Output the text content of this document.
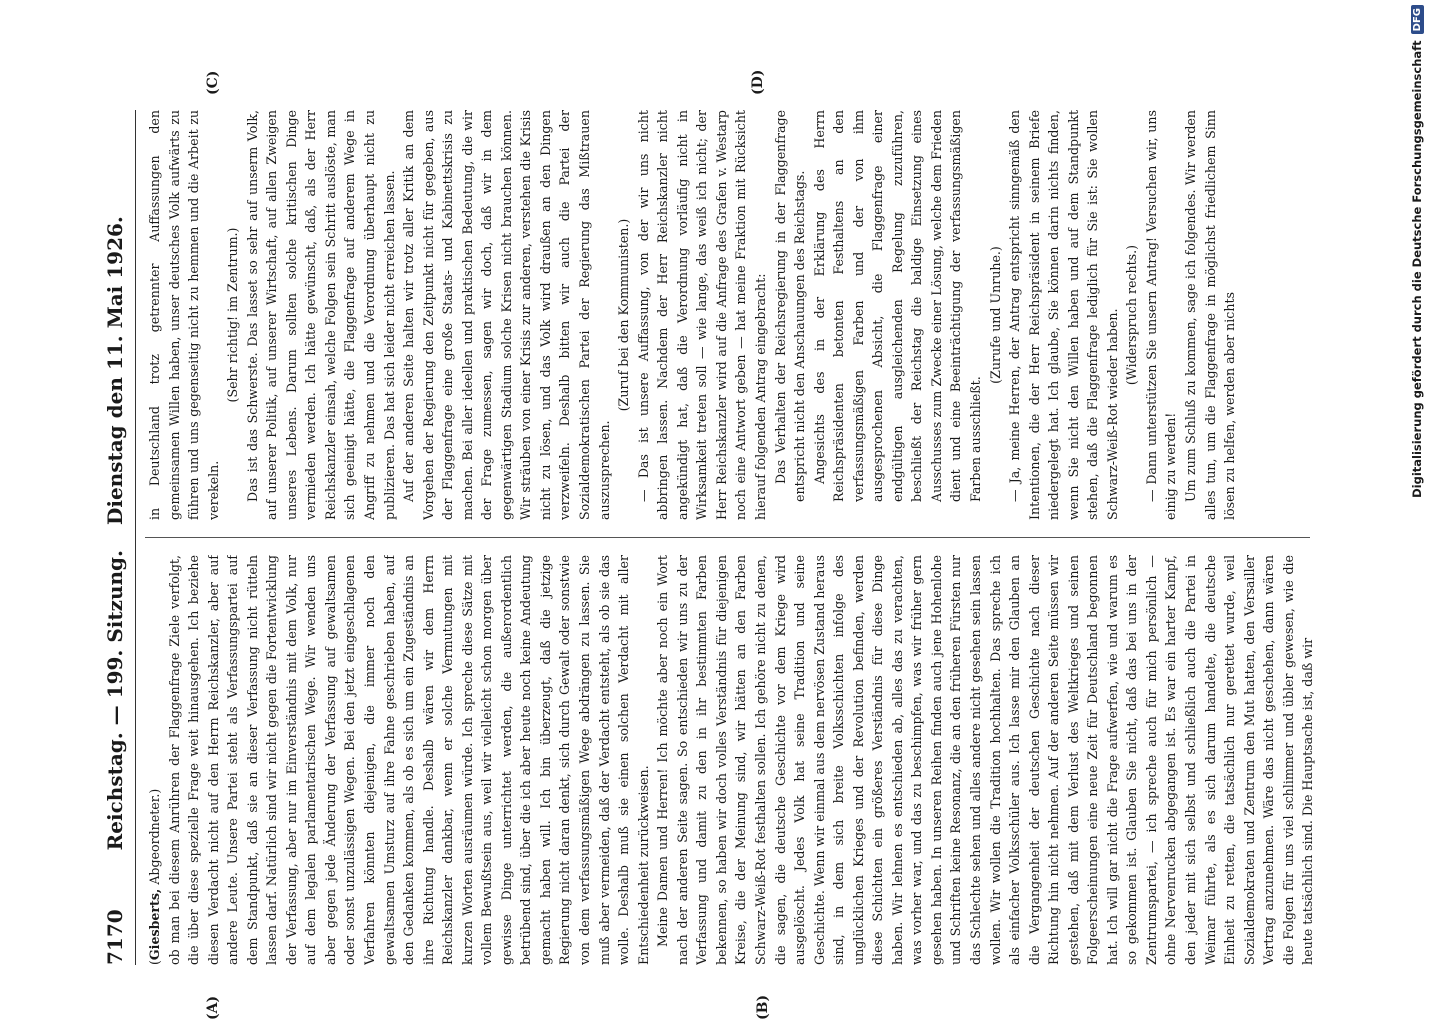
7170
Reichstag. — 199. Sitzung.
Dienstag den 11. Mai 1926.
(A)	(B)
(C)	(D)

(Giesberts, Abgeordneter.) ob man bei diesem Anrühren der Flaggenfrage Ziele verfolgt, die über diese spezielle Frage weit hinausgehen. Ich beziehe diesen Verdacht nicht auf den Herrn Reichskanzler, aber auf andere Leute. Unsere Partei steht als Verfassungspartei auf dem Standpunkt, daß sie an dieser Verfassung nicht rütteln lassen darf. Natürlich sind wir nicht gegen die Fortentwicklung der Verfassung, aber nur im Einverständnis mit dem Volk, nur auf dem legalen parlamentarischen Wege. Wir wenden uns aber gegen jede Änderung der Verfassung auf gewaltsamen oder sonst unzulässigen Wegen. Bei den jetzt eingeschlagenen Verfahren könnten diejenigen, die immer noch den gewaltsamen Umsturz auf ihre Fahne geschrieben haben, auf den Gedanken kommen, als ob es sich um ein Zugeständnis an ihre Richtung handle. Deshalb wären wir dem Herrn Reichskanzler dankbar, wenn er solche Vermutungen mit kurzen Worten ausräumen würde. Ich spreche diese Sätze mit vollem Bewußtsein aus, weil wir vielleicht schon morgen über gewisse Dinge unterrichtet werden, die außerordentlich betrübend sind, über die ich aber heute noch keine Andeutung gemacht haben will. Ich bin überzeugt, daß die jetzige Regierung nicht daran denkt, sich durch Gewalt oder sonstwie von dem verfassungsmäßigen Wege abdrängen zu lassen. Sie muß aber vermeiden, daß der Verdacht entsteht, als ob sie das wolle. Deshalb muß sie einen solchen Verdacht mit aller Entschiedenheit zurückweisen. Meine Damen und Herren! Ich möchte aber noch ein Wort nach der anderen Seite sagen. So entschieden wir uns zu der Verfassung und damit zu den in ihr bestimmten Farben bekennen, so haben wir doch volles Verständnis für diejenigen Kreise, die der Meinung sind, wir hätten an den Farben Schwarz-Weiß-Rot festhalten sollen. Ich gehöre nicht zu denen, die sagen, die deutsche Geschichte vor dem Kriege wird ausgelöscht. Jedes Volk hat seine Tradition und seine Geschichte. Wenn wir einmal aus dem nervösen Zustand heraus sind, in dem sich breite Volksschichten infolge des unglücklichen Krieges und der Revolution befinden, werden diese Schichten ein größeres Verständnis für diese Dinge haben. Wir lehnen es entschieden ab, alles das zu verachten, was vorher war, und das zu beschimpfen, was wir früher gern gesehen haben. In unseren Reihen finden auch jene Hohenlohe und Schriften keine Resonanz, die an den früheren Fürsten nur das Schlechte sehen und alles andere nicht gesehen sein lassen wollen. Wir wollen die Tradition hochhalten. Das spreche ich als einfacher Volksschüler aus. Ich lasse mir den Glauben an die Vergangenheit der deutschen Geschichte nach dieser Richtung hin nicht nehmen. Auf der anderen Seite müssen wir gestehen, daß mit dem Verlust des Weltkrieges und seinen Folgeerscheinungen eine neue Zeit für Deutschland begonnen hat. Ich will gar nicht die Frage aufwerfen, wie und warum es so gekommen ist. Glauben Sie nicht, daß das bei uns in der Zentrumspartei, — ich spreche auch für mich persönlich — ohne Nervenrucken abgegangen ist. Es war ein harter Kampf, den jeder mit sich selbst und schließlich auch die Partei in Weimar führte, als es sich darum handelte, die deutsche Einheit zu retten, die tatsächlich nur gerettet wurde, weil Sozialdemokraten und Zentrum den Mut hatten, den Versailler Vertrag anzunehmen. Wäre das nicht geschehen, dann wären die Folgen für uns viel schlimmer und übler gewesen, wie die heute tatsächlich sind. Die Hauptsache ist, daß wir

in Deutschland trotz getrennter Auffassungen den gemeinsamen Willen haben, unser deutsches Volk aufwärts zu führen und uns gegenseitig nicht zu hemmen und die Arbeit zu verekeln.

(Sehr richtig! im Zentrum.) Das ist das Schwerste. Das lasset so sehr auf unserm Volk, auf unserer Politik, auf unserer Wirtschaft, auf allen Zweigen unseres Lebens. Darum sollten solche kritischen Dinge vermieden werden. Ich hätte gewünscht, daß, als der Herr Reichskanzler einsah, welche Folgen sein Schritt auslöste, man sich geeinigt hätte, die Flaggenfrage auf anderem Wege in Angriff zu nehmen und die Verordnung überhaupt nicht zu publizieren. Das hat sich leider nicht erreichen lassen. Auf der anderen Seite halten wir trotz aller Kritik an dem Vorgehen der Regierung den Zeitpunkt nicht für gegeben, aus der Flaggenfrage eine große Staats- und Kabinettskrisis zu machen. Bei aller ideellen und praktischen Bedeutung, die wir der Frage zumessen, sagen wir doch, daß wir in dem gegenwärtigen Stadium solche Krisen nicht brauchen können. Wir sträuben von einer Krisis zur anderen, verstehen die Krisis nicht zu lösen, und das Volk wird draußen an den Dingen verzweifeln. Deshalb bitten wir auch die Partei der Sozialdemokratischen Partei der Regierung das Mißtrauen auszusprechen.

(Zuruf bei den Kommunisten.) — Das ist unsere Auffassung, von der wir uns nicht abbringen lassen. Nachdem der Herr Reichskanzler nicht angekündigt hat, daß die Verordnung vorläufig nicht in Wirksamkeit treten soll — wie lange, das weiß ich nicht; der Herr Reichskanzler wird auf die Anfrage des Grafen v. Westarp noch eine Antwort geben — hat meine Fraktion mit Rücksicht hierauf folgenden Antrag eingebracht: Das Verhalten der Reichsregierung in der Flaggenfrage entspricht nicht den Anschauungen des Reichstags. Angesichts des in der Erklärung des Herrn Reichspräsidenten betonten Festhaltens an den verfassungsmäßigen Farben und der von ihm ausgesprochenen Absicht, die Flaggenfrage einer endgültigen ausgleichenden Regelung zuzuführen, beschließt der Reichstag die baldige Einsetzung eines Ausschusses zum Zwecke einer Lösung, welche dem Frieden dient und eine Beeinträchtigung der verfassungsmäßigen Farben ausschließt.

(Zurufe und Unruhe.) — Ja, meine Herren, der Antrag entspricht sinngemäß den Intentionen, die der Herr Reichspräsident in seinem Briefe niedergelegt hat. Ich glaube, Sie können darin nichts finden, wenn Sie nicht den Willen haben und auf dem Standpunkt stehen, daß die Flaggenfrage lediglich für Sie ist: Sie wollen Schwarz-Weiß-Rot wieder haben. (Widerspruch rechts.) — Dann unterstützen Sie unsern Antrag! Versuchen wir, uns einig zu werden! Um zum Schluß zu kommen, sage ich folgendes. Wir werden alles tun, um die Flaggenfrage in möglichst friedlichem Sinn lösen zu helfen, werden aber nichts	Digitalisierung gefördert durch die Deutsche Forschungsgemeinschaft
DFG
